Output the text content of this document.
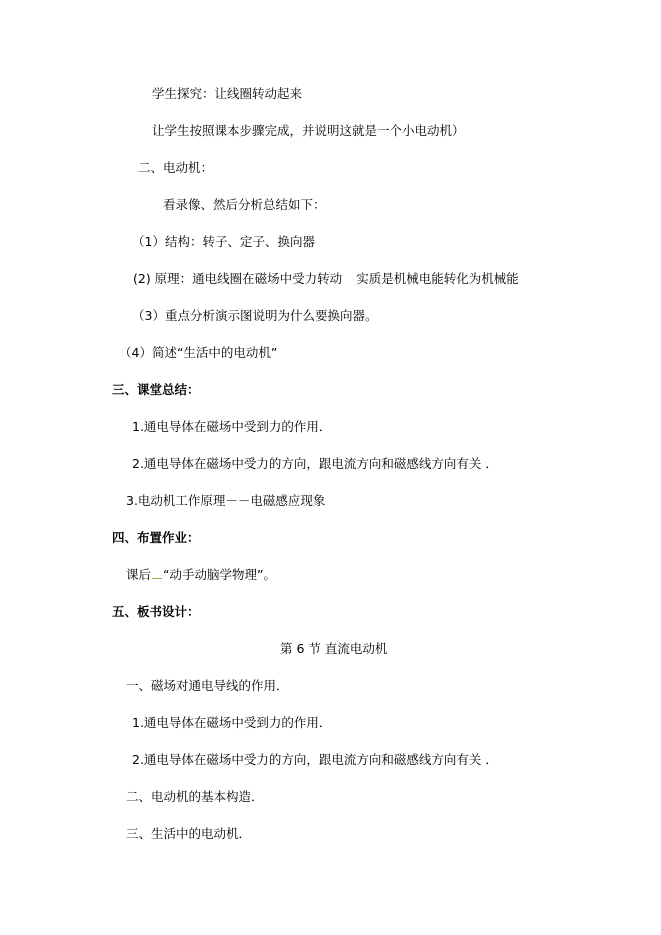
学生探究：让线圈转动起来
让学生按照课本步骤完成，并说明这就是一个小电动机）
二、电动机：
看录像、然后分析总结如下：
（1）结构：转子、定子、换向器
(2) 原理：通电线圈在磁场中受力转动 实质是机械电能转化为机械能
（3）重点分析演示图说明为什么要换向器。
（4）简述“生活中的电动机”
三、课堂总结：
1.通电导体在磁场中受到力的作用．
2.通电导体在磁场中受力的方向，跟电流方向和磁感线方向有关 ．
3.电动机工作原理－－电磁感应现象
四、布置作业：
课后 “动手动脑学物理”。
五、板书设计：
第 6 节 直流电动机
一、磁场对通电导线的作用．
1.通电导体在磁场中受到力的作用．
2.通电导体在磁场中受力的方向，跟电流方向和磁感线方向有关 ．
二、电动机的基本构造．
三、生活中的电动机．
